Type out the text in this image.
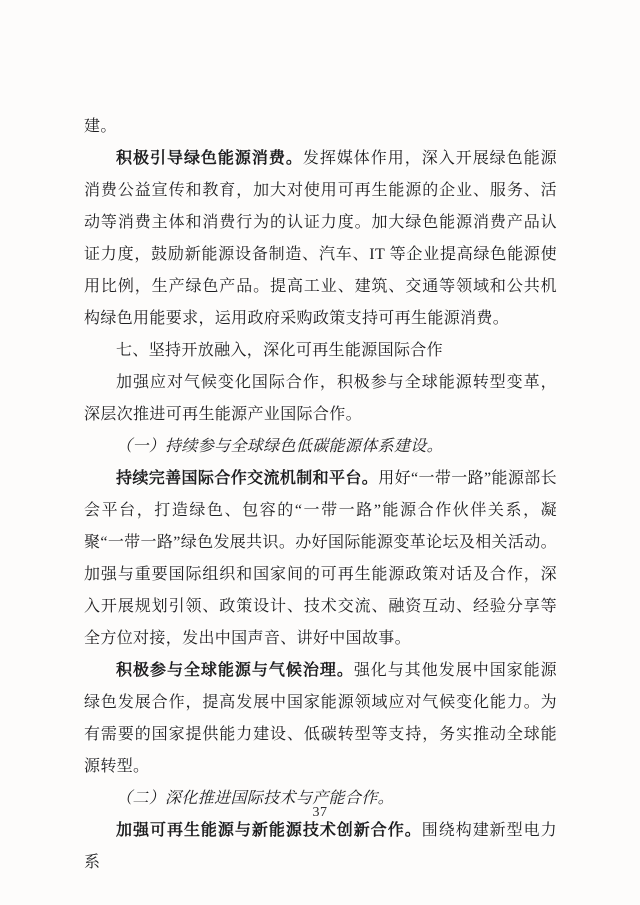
建。

积极引导绿色能源消费。发挥媒体作用，深入开展绿色能源消费公益宣传和教育，加大对使用可再生能源的企业、服务、活动等消费主体和消费行为的认证力度。加大绿色能源消费产品认证力度，鼓励新能源设备制造、汽车、IT 等企业提高绿色能源使用比例，生产绿色产品。提高工业、建筑、交通等领域和公共机构绿色用能要求，运用政府采购政策支持可再生能源消费。

七、坚持开放融入，深化可再生能源国际合作

加强应对气候变化国际合作，积极参与全球能源转型变革，深层次推进可再生能源产业国际合作。

（一）持续参与全球绿色低碳能源体系建设。

持续完善国际合作交流机制和平台。用好“一带一路”能源部长会平台，打造绿色、包容的“一带一路”能源合作伙伴关系，凝聚“一带一路”绿色发展共识。办好国际能源变革论坛及相关活动。加强与重要国际组织和国家间的可再生能源政策对话及合作，深入开展规划引领、政策设计、技术交流、融资互动、经验分享等全方位对接，发出中国声音、讲好中国故事。

积极参与全球能源与气候治理。强化与其他发展中国家能源绿色发展合作，提高发展中国家能源领域应对气候变化能力。为有需要的国家提供能力建设、低碳转型等支持，务实推动全球能源转型。

（二）深化推进国际技术与产能合作。

加强可再生能源与新能源技术创新合作。围绕构建新型电力系

37
